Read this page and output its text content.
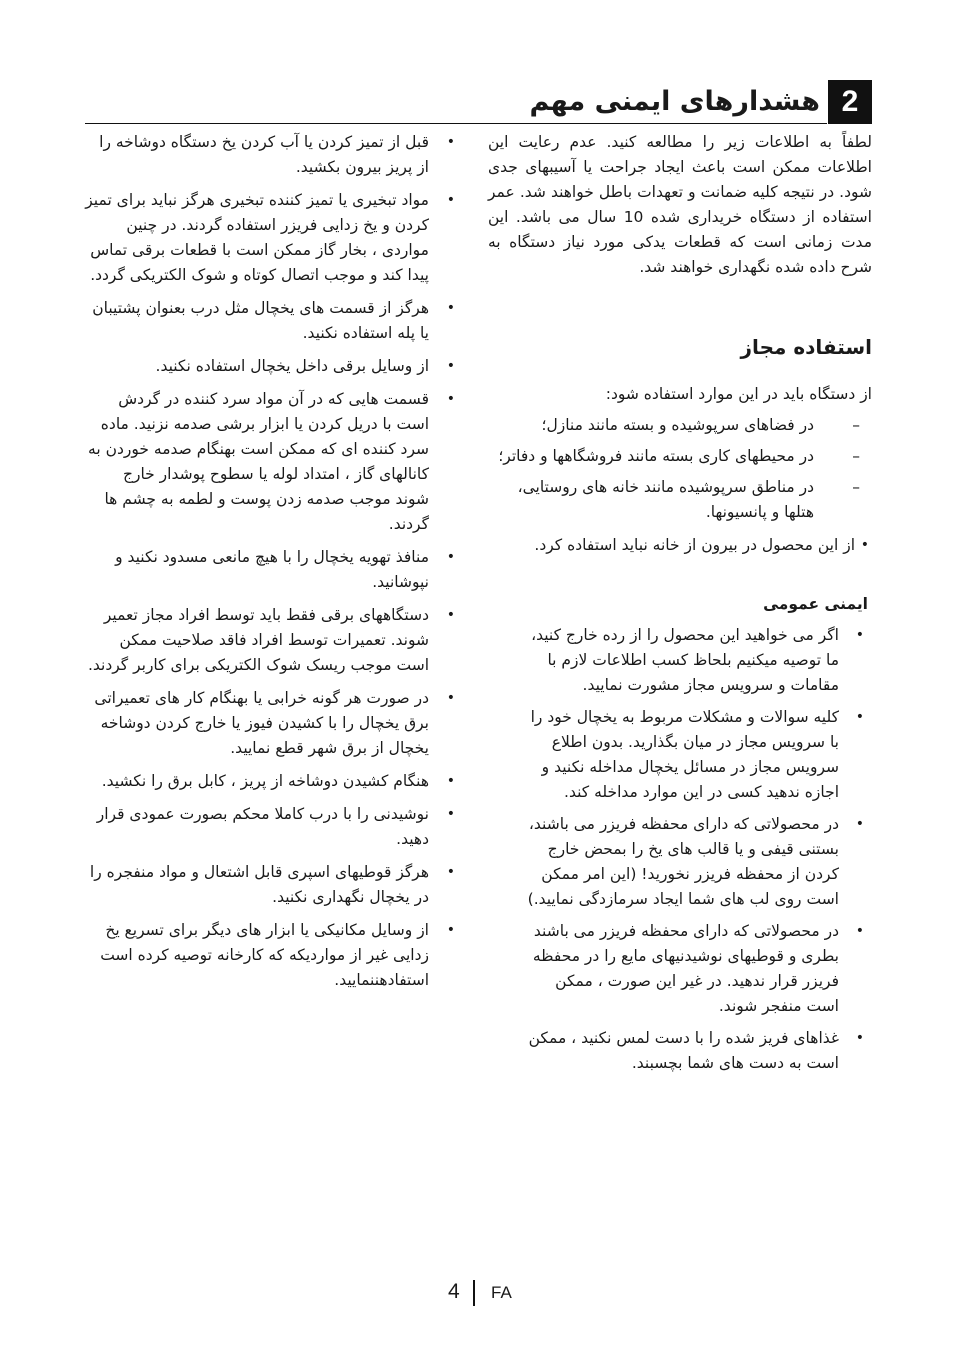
2
هشدارهای ایمنی مهم

لطفاً به اطلاعات زیر را مطالعه کنید. عدم رعایت این اطلاعات ممکن است باعث ایجاد جراحت یا آسیبهای جدی شود. در نتیجه کلیه ضمانت و تعهدات باطل خواهند شد. عمر استفاده از دستگاه خریداری شده 10 سال می باشد. این مدت زمانی است که قطعات یدکی مورد نیاز دستگاه به شرح داده شده نگهداری خواهند شد.

استفاده مجاز

از دستگاه باید در این موارد استفاده شود:

–
در فضاهای سرپوشیده و بسته مانند منازل؛
–
در محیطهای کاری بسته مانند فروشگاهها و دفاتر؛
–
در مناطق سرپوشیده مانند خانه های روستایی، هتلها و پانسیونها.

•
از این محصول در بیرون از خانه نباید استفاده کرد.

ایمنی عمومی
•
اگر می خواهید این محصول را از رده خارج کنید، ما توصیه میکنیم بلحاظ کسب اطلاعات لازم با مقامات و سرویس مجاز مشورت نمایید.
•
کلیه سوالات و مشکلات مربوط به یخچال خود را با سرویس مجاز در میان بگذارید. بدون اطلاع سرویس مجاز در مسائل یخچال مداخله نکنید و اجازه ندهید کسی در این موارد مداخله کند.
•
در محصولاتی که دارای محفظه فریزر می باشند، بستنی قیفی و یا قالب های یخ را بمحض خارج کردن از محفظه فریزر نخورید! (این امر ممکن است روی لب های شما ایجاد سرمازدگی نمایید.)
•
در محصولاتی که دارای محفظه فریزر می باشند بطری و قوطیهای نوشیدنیهای مایع را در محفظه فریزر قرار ندهید. در غیر این صورت ، ممکن است منفجر شوند.
•
غذاهای فریز شده را با دست لمس نکنید ، ممکن است به دست های شما بچسبند.
•
قبل از تمیز کردن یا آب کردن یخ دستگاه دوشاخه را از پریز بیرون بکشید.
•
مواد تبخیری یا تمیز کننده تبخیری هرگز نباید برای تمیز کردن و یخ زدایی فریزر استفاده گردند. در چنین مواردی ، بخار گاز ممکن است با قطعات برقی تماس پیدا کند و موجب اتصال کوتاه و شوک الکتریکی گردد.
•
هرگز از قسمت های یخچال مثل درب بعنوان پشتیبان یا پله استفاده نکنید.
•
از وسایل برقی داخل یخچال استفاده نکنید.
•
قسمت هایی که در آن مواد سرد کننده در گردش است با دریل کردن یا ابزار برشی صدمه نزنید. ماده سرد کننده ای که ممکن است بهنگام صدمه خوردن به کانالهای گاز ، امتداد لوله یا سطوح پوشدار خارج شوند موجب صدمه زدن پوست و لطمه به چشم ها گردند.
•
منافذ تهویه یخچال را با هیچ مانعی مسدود نکنید و نپوشانید.
•
دستگاههای برقی فقط باید توسط افراد مجاز تعمیر شوند. تعمیرات توسط افراد فاقد صلاحیت ممکن است موجب ریسک شوک الکتریکی برای کاربر گردند.
•
در صورت هر گونه خرابی یا بهنگام کار های تعمیراتی برق یخچال را با کشیدن فیوز یا خارج کردن دوشاخه یخچال از برق شهر قطع نمایید.
•
هنگام کشیدن دوشاخه از پریز ، کابل برق را نکشید.
•
نوشیدنی را با درب کاملا محکم بصورت عمودی قرار دهید.
•
هرگز قوطیهای اسپری قابل اشتعال و مواد منفجره را در یخچال نگهداری نکنید.
•
از وسایل مکانیکی یا ابزار های دیگر برای تسریع یخ زدایی غیر از مواردیکه که کارخانه توصیه کرده است استفادهننمایید.
4 FA
